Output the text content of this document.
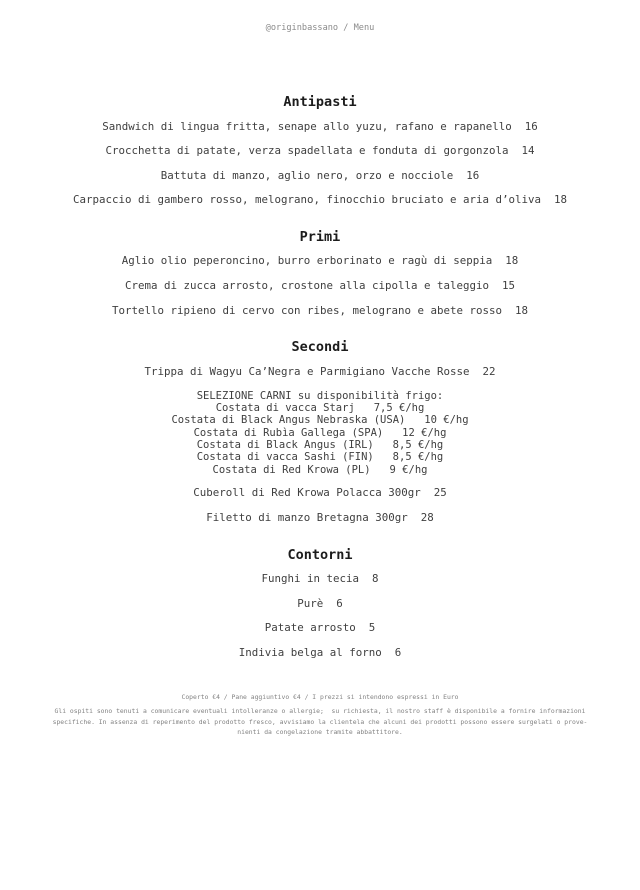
@originbassano / Menu
Antipasti
Sandwich di lingua fritta, senape allo yuzu, rafano e rapanello 16
Crocchetta di patate, verza spadellata e fonduta di gorgonzola 14
Battuta di manzo, aglio nero, orzo e nocciole 16
Carpaccio di gambero rosso, melograno, finocchio bruciato e aria d’oliva 18
Primi
Aglio olio peperoncino, burro erborinato e ragù di seppia 18
Crema di zucca arrosto, crostone alla cipolla e taleggio 15
Tortello ripieno di cervo con ribes, melograno e abete rosso 18
Secondi
Trippa di Wagyu Ca’Negra e Parmigiano Vacche Rosse 22
SELEZIONE CARNI su disponibilità frigo:
Costata di vacca Starj   7,5 €/hg
Costata di Black Angus Nebraska (USA)   10 €/hg
Costata di Rubìa Gallega (SPA)   12 €/hg
Costata di Black Angus (IRL)   8,5 €/hg
Costata di vacca Sashi (FIN)   8,5 €/hg
Costata di Red Krowa (PL)   9 €/hg
Cuberoll di Red Krowa Polacca 300gr 25
Filetto di manzo Bretagna 300gr 28
Contorni
Funghi in tecia 8
Purè 6
Patate arrosto 5
Indivia belga al forno 6
Coperto €4 / Pane aggiuntivo €4 / I prezzi si intendono espressi in Euro
Gli ospiti sono tenuti a comunicare eventuali intolleranze o allergie;  su richiesta, il nostro staff è disponibile a fornire informazioni
specifiche. In assenza di reperimento del prodotto fresco, avvisiamo la clientela che alcuni dei prodotti possono essere surgelati o prove-
nienti da congelazione tramite abbattitore.
